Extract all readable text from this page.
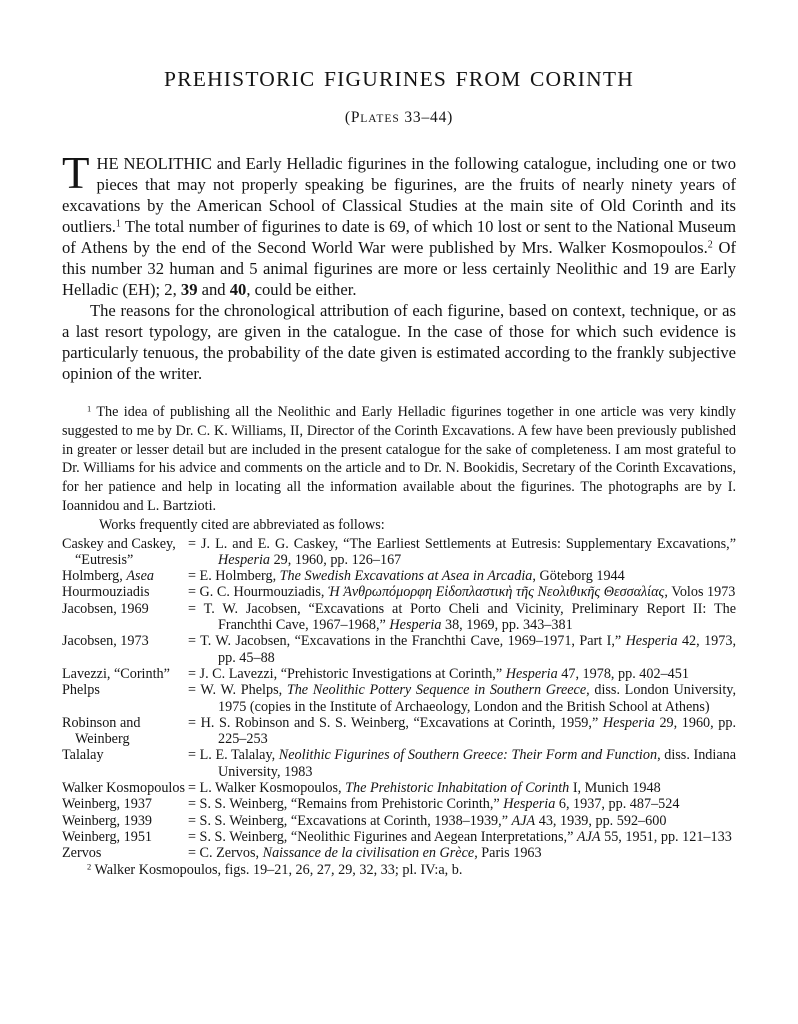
PREHISTORIC FIGURINES FROM CORINTH
(PLATES 33–44)

THE NEOLITHIC and Early Helladic figurines in the following catalogue, including one or two pieces that may not properly speaking be figurines, are the fruits of nearly ninety years of excavations by the American School of Classical Studies at the main site of Old Corinth and its outliers.$^1$ The total number of figurines to date is 69, of which 10 lost or sent to the National Museum of Athens by the end of the Second World War were published by Mrs. Walker Kosmopoulos.$^2$ Of this number 32 human and 5 animal figurines are more or less certainly Neolithic and 19 are Early Helladic (EH); 2, 39 and 40, could be either.

The reasons for the chronological attribution of each figurine, based on context, technique, or as a last resort typology, are given in the catalogue. In the case of those for which such evidence is particularly tenuous, the probability of the date given is estimated according to the frankly subjective opinion of the writer.

$^1$ The idea of publishing all the Neolithic and Early Helladic figurines together in one article was very kindly suggested to me by Dr. C. K. Williams, II, Director of the Corinth Excavations. A few have been previously published in greater or lesser detail but are included in the present catalogue for the sake of completeness. I am most grateful to Dr. Williams for his advice and comments on the article and to Dr. N. Bookidis, Secretary of the Corinth Excavations, for her patience and help in locating all the information available about the figurines. The photographs are by I. Ioannidou and L. Bartzioti.

Works frequently cited are abbreviated as follows:

Caskey and Caskey,
“Eutresis”
= J. L. and E. G. Caskey, “The Earliest Settlements at Eutresis: Supplementary Excavations,” Hesperia 29, 1960, pp. 126–167
Holmberg, Asea	= E. Holmberg, The Swedish Excavations at Asea in Arcadia, Göteborg 1944
Hourmouziadis	= G. C. Hourmouziadis, Ἡ Ἀνθρωπόμορφη Εἰδοπλαστικὴ τῆς Νεολιθικῆς Θεσσαλίας, Volos 1973
Jacobsen, 1969	= T. W. Jacobsen, “Excavations at Porto Cheli and Vicinity, Preliminary Report II: The Franchthi Cave, 1967–1968,” Hesperia 38, 1969, pp. 343–381
Jacobsen, 1973	= T. W. Jacobsen, “Excavations in the Franchthi Cave, 1969–1971, Part I,” Hesperia 42, 1973, pp. 45–88
Lavezzi, “Corinth”	= J. C. Lavezzi, “Prehistoric Investigations at Corinth,” Hesperia 47, 1978, pp. 402–451
Phelps	= W. W. Phelps, The Neolithic Pottery Sequence in Southern Greece, diss. London University, 1975 (copies in the Institute of Archaeology, London and the British School at Athens)
Robinson and
Weinberg
= H. S. Robinson and S. S. Weinberg, “Excavations at Corinth, 1959,” Hesperia 29, 1960, pp. 225–253
Talalay	= L. E. Talalay, Neolithic Figurines of Southern Greece: Their Form and Function, diss. Indiana University, 1983
Walker Kosmopoulos = L. Walker Kosmopoulos, The Prehistoric Inhabitation of Corinth I, Munich 1948
Weinberg, 1937	= S. S. Weinberg, “Remains from Prehistoric Corinth,” Hesperia 6, 1937, pp. 487–524
Weinberg, 1939	= S. S. Weinberg, “Excavations at Corinth, 1938–1939,” AJA 43, 1939, pp. 592–600
Weinberg, 1951	= S. S. Weinberg, “Neolithic Figurines and Aegean Interpretations,” AJA 55, 1951, pp. 121–133
Zervos	= C. Zervos, Naissance de la civilisation en Grèce, Paris 1963

$^2$ Walker Kosmopoulos, figs. 19–21, 26, 27, 29, 32, 33; pl. IV:a, b.
